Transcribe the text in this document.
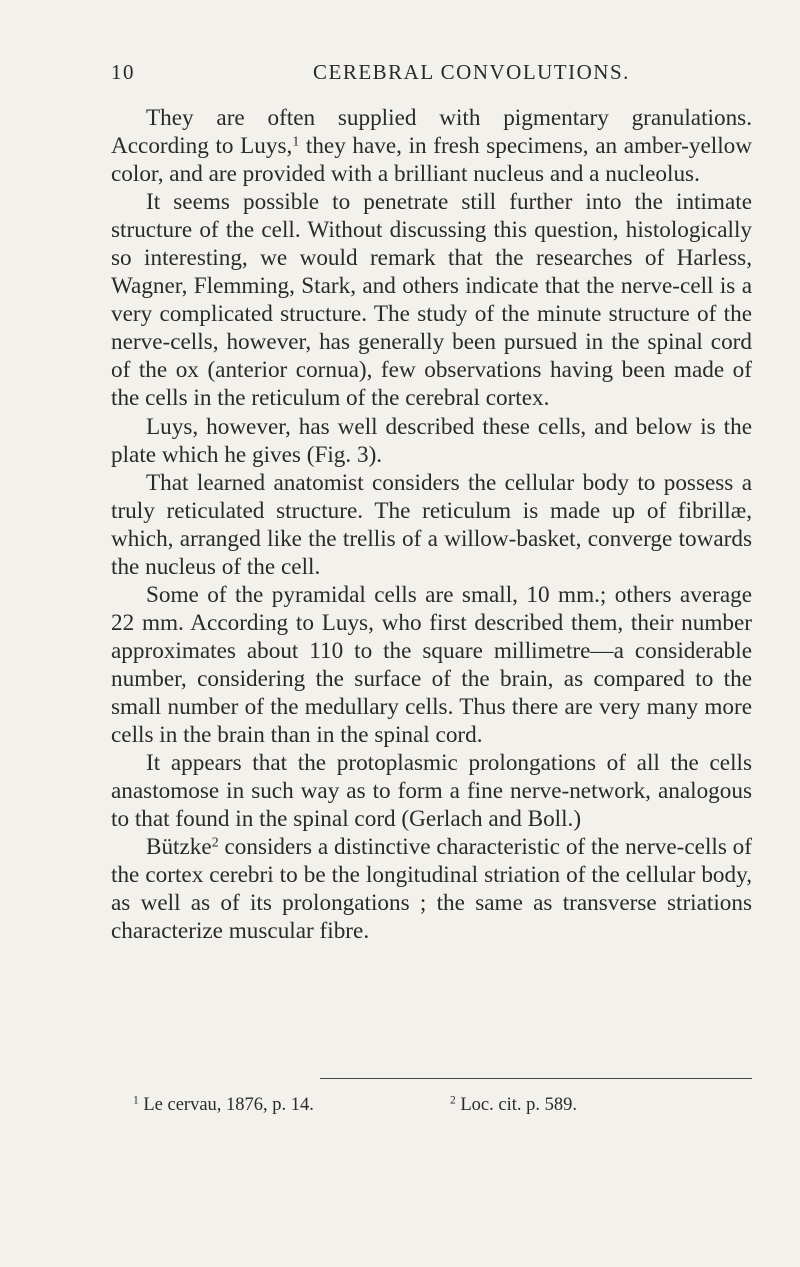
10	CEREBRAL CONVOLUTIONS.

They are often supplied with pigmentary granulations. According to Luys,$^1$ they have, in fresh specimens, an amber-yellow color, and are provided with a brilliant nucleus and a nucleolus.

It seems possible to penetrate still further into the intimate structure of the cell. Without discussing this question, histologically so interesting, we would remark that the researches of Harless, Wagner, Flemming, Stark, and others indicate that the nerve-cell is a very complicated structure. The study of the minute structure of the nerve-cells, however, has generally been pursued in the spinal cord of the ox (anterior cornua), few observations having been made of the cells in the reticulum of the cerebral cortex.

Luys, however, has well described these cells, and below is the plate which he gives (Fig. 3).

That learned anatomist considers the cellular body to possess a truly reticulated structure. The reticulum is made up of fibrillæ, which, arranged like the trellis of a willow-basket, converge towards the nucleus of the cell.

Some of the pyramidal cells are small, 10 mm.; others average 22 mm. According to Luys, who first described them, their number approximates about 110 to the square millimetre—a considerable number, considering the surface of the brain, as compared to the small number of the medullary cells. Thus there are very many more cells in the brain than in the spinal cord.

It appears that the protoplasmic prolongations of all the cells anastomose in such way as to form a fine nerve-network, analogous to that found in the spinal cord (Gerlach and Boll.)

Bützke$^2$ considers a distinctive characteristic of the nerve-cells of the cortex cerebri to be the longitudinal striation of the cellular body, as well as of its prolongations ; the same as transverse striations characterize muscular fibre.

$^1$ Le cervau, 1876, p. 14.	$^2$ Loc. cit. p. 589.
